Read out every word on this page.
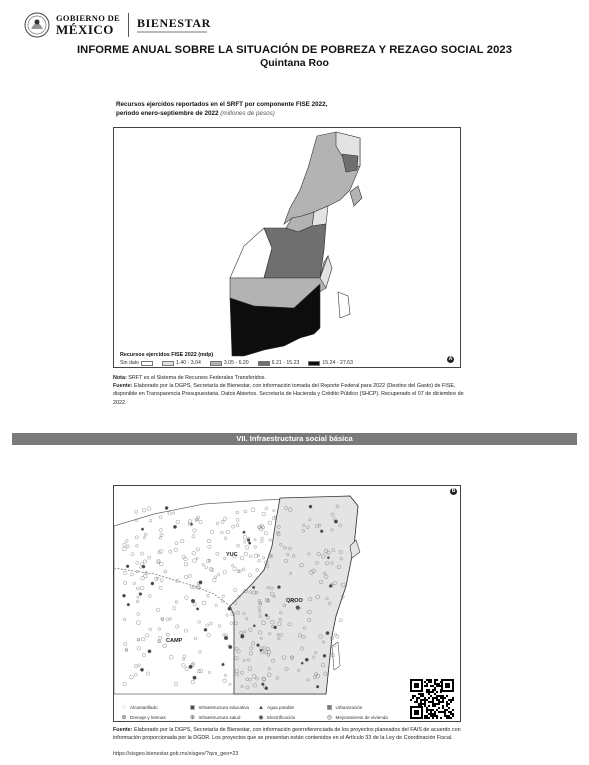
GOBIERNO DE
MÉXICO	BIENESTAR
INFORME ANUAL SOBRE LA SITUACIÓN DE POBREZA Y REZAGO SOCIAL 2023
Quintana Roo
Recursos ejercidos reportados en el SRFT por componente FISE 2022,
periodo enero-septiembre de 2022 (millones de pesos)
Recursos ejercidos FISE 2022 (mdp)
Sin dato	1.40 - 3.04	3.05 - 6.20	6.21 - 15.23	15.24 - 27.63
A
Nota: SRFT es el Sistema de Recursos Federales Transferidos.
Fuente: Elaborado por la DGPS, Secretaría de Bienestar, con información tomada del Reporte Federal para 2022 (Destino del Gasto) de FISE, disponible en Transparencia Presupuestaria. Datos Abiertos. Secretaría de Hacienda y Crédito Público (SHCP). Recuperado el 07 de diciembre de 2022.
VII. Infraestructura social básica
YUC
QROO
CAMP
B
◌ Alcantarillado	▣ Infraestructura educativa ▲ Agua potable	▦ Urbanización
⊛ Drenaje y letrinas	⊕ Infraestructura salud	◉ Electrificación	◎ Mejoramiento de vivienda
Fuente: Elaborado por la DGPS, Secretaría de Bienestar, con información georreferenciada de los proyectos planeados del FAIS de acuerdo con información proporcionada por la DGDR. Los proyectos que se presentan están contenidos en el Artículo 33 de la Ley de Coordinación Fiscal.
https://sisgeo.bienestar.gob.mx/sisgeo/?qvs_geo=23
